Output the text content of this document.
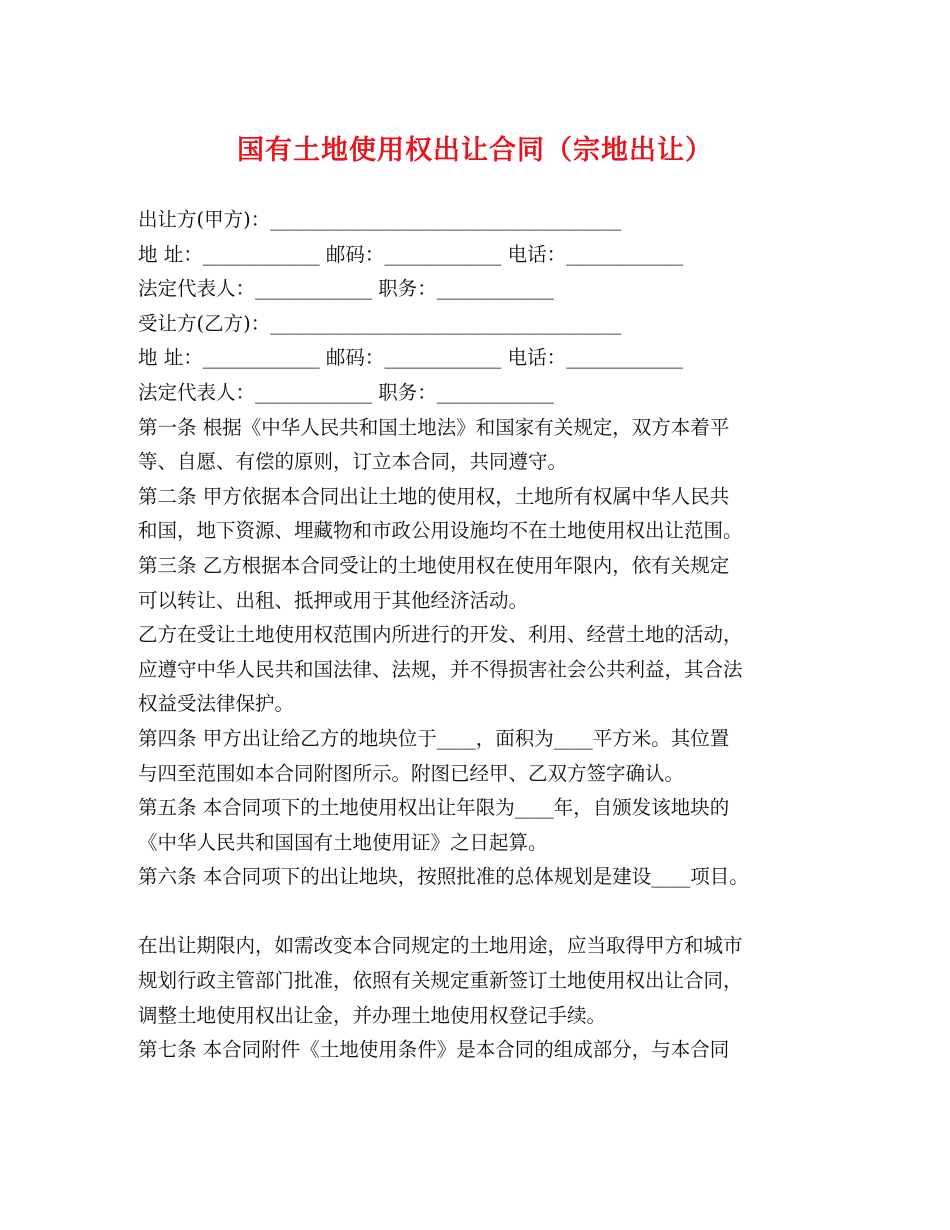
国有土地使用权出让合同（宗地出让）
出让方(甲方)：____________________________________
地 址：____________ 邮码：____________ 电话：____________
法定代表人：____________ 职务：____________
受让方(乙方)：____________________________________
地 址：____________ 邮码：____________ 电话：____________
法定代表人：____________ 职务：____________
第一条 根据《中华人民共和国土地法》和国家有关规定，双方本着平
等、自愿、有偿的原则，订立本合同，共同遵守。
第二条 甲方依据本合同出让土地的使用权，土地所有权属中华人民共
和国，地下资源、埋藏物和市政公用设施均不在土地使用权出让范围。
第三条 乙方根据本合同受让的土地使用权在使用年限内，依有关规定
可以转让、出租、抵押或用于其他经济活动。
乙方在受让土地使用权范围内所进行的开发、利用、经营土地的活动，
应遵守中华人民共和国法律、法规，并不得损害社会公共利益，其合法
权益受法律保护。
第四条 甲方出让给乙方的地块位于____，面积为____平方米。其位置
与四至范围如本合同附图所示。附图已经甲、乙双方签字确认。
第五条 本合同项下的土地使用权出让年限为____年，自颁发该地块的
《中华人民共和国国有土地使用证》之日起算。
第六条 本合同项下的出让地块，按照批准的总体规划是建设____项目。
在出让期限内，如需改变本合同规定的土地用途，应当取得甲方和城市
规划行政主管部门批准，依照有关规定重新签订土地使用权出让合同，
调整土地使用权出让金，并办理土地使用权登记手续。
第七条 本合同附件《土地使用条件》是本合同的组成部分，与本合同
